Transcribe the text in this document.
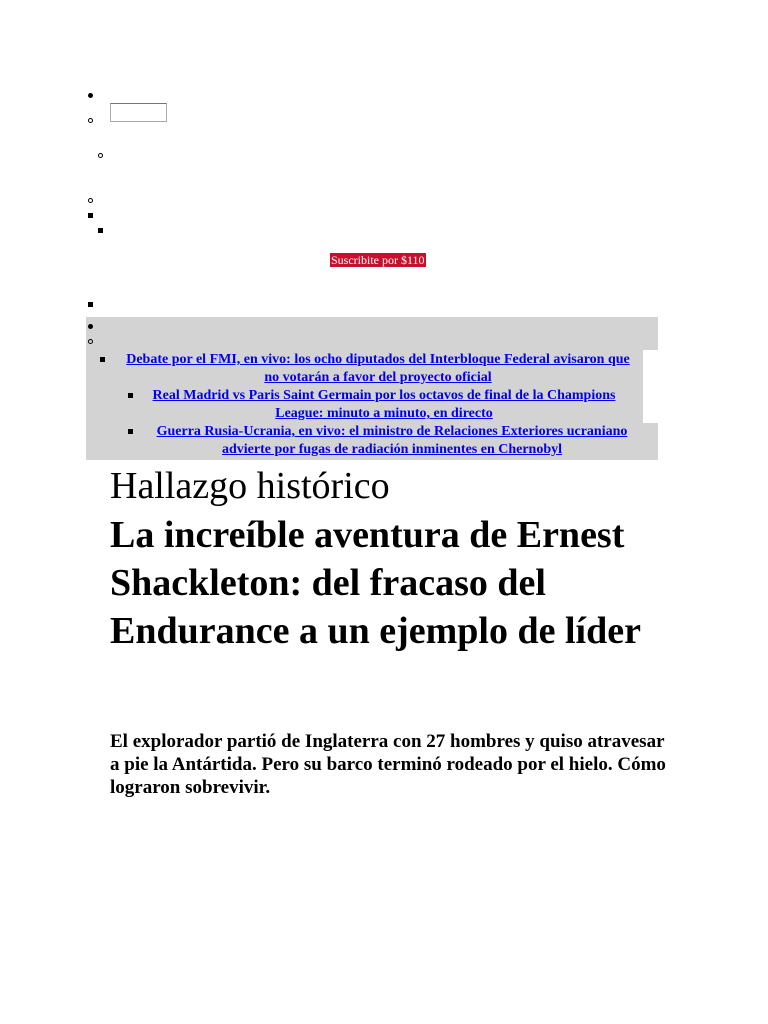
Suscribite por $110
Debate por el FMI, en vivo: los ocho diputados del Interbloque Federal avisaron que no votarán a favor del proyecto oficial
Real Madrid vs Paris Saint Germain por los octavos de final de la Champions League: minuto a minuto, en directo
Guerra Rusia-Ucrania, en vivo: el ministro de Relaciones Exteriores ucraniano advierte por fugas de radiación inminentes en Chernobyl
Hallazgo histórico
La increíble aventura de Ernest Shackleton: del fracaso del Endurance a un ejemplo de líder

El explorador partió de Inglaterra con 27 hombres y quiso atravesar a pie la Antártida. Pero su barco terminó rodeado por el hielo. Cómo lograron sobrevivir.
